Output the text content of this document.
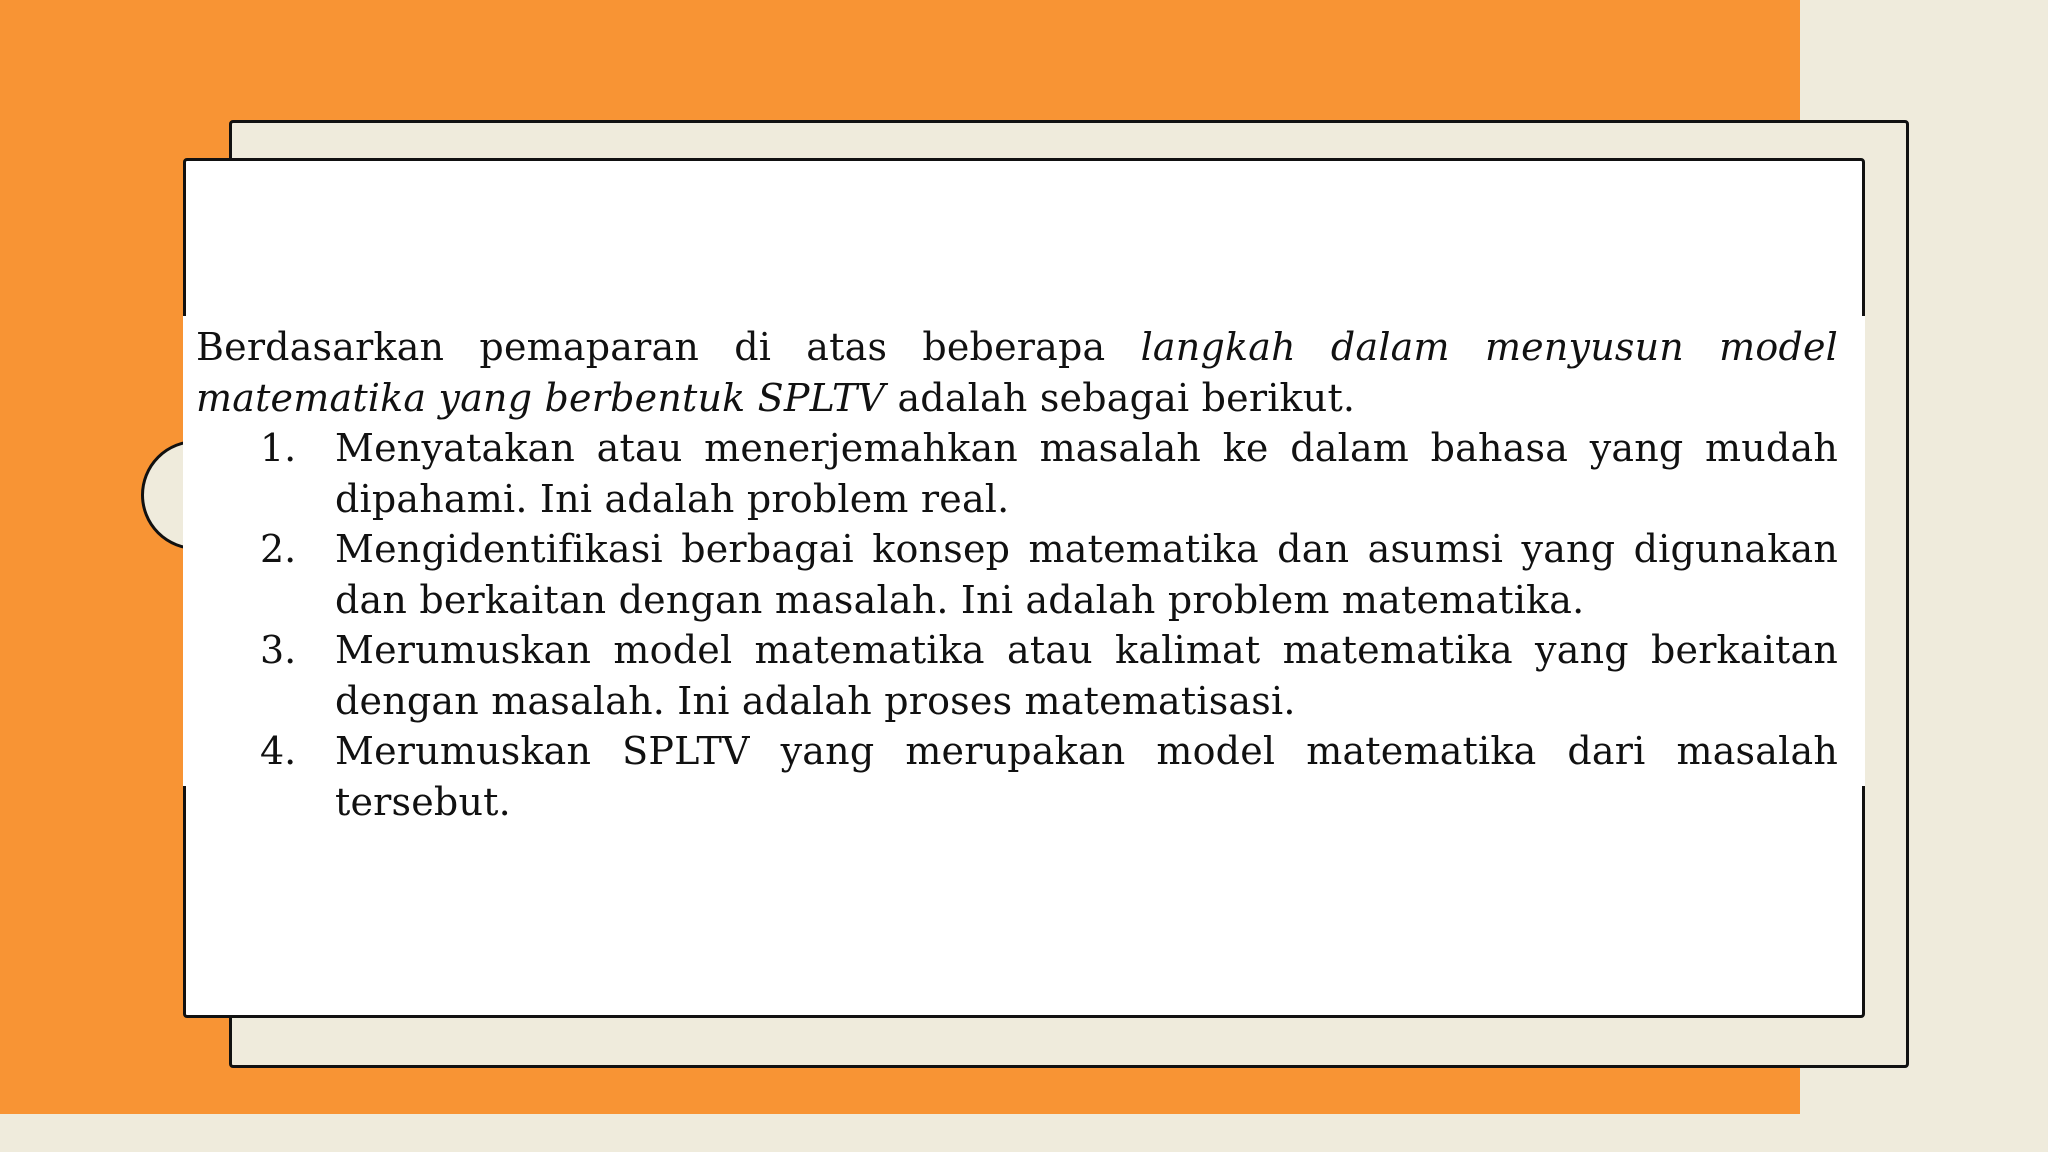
Berdasarkan pemaparan di atas beberapa langkah dalam menyusun model matematika yang berbentuk SPLTV adalah sebagai berikut.

1.	Menyatakan atau menerjemahkan masalah ke dalam bahasa yang mudah dipahami. Ini adalah problem real.
2.	Mengidentifikasi berbagai konsep matematika dan asumsi yang digunakan dan berkaitan dengan masalah. Ini adalah problem matematika.
3.	Merumuskan model matematika atau kalimat matematika yang berkaitan dengan masalah. Ini adalah proses matematisasi.
4.	Merumuskan SPLTV yang merupakan model matematika dari masalah tersebut.
